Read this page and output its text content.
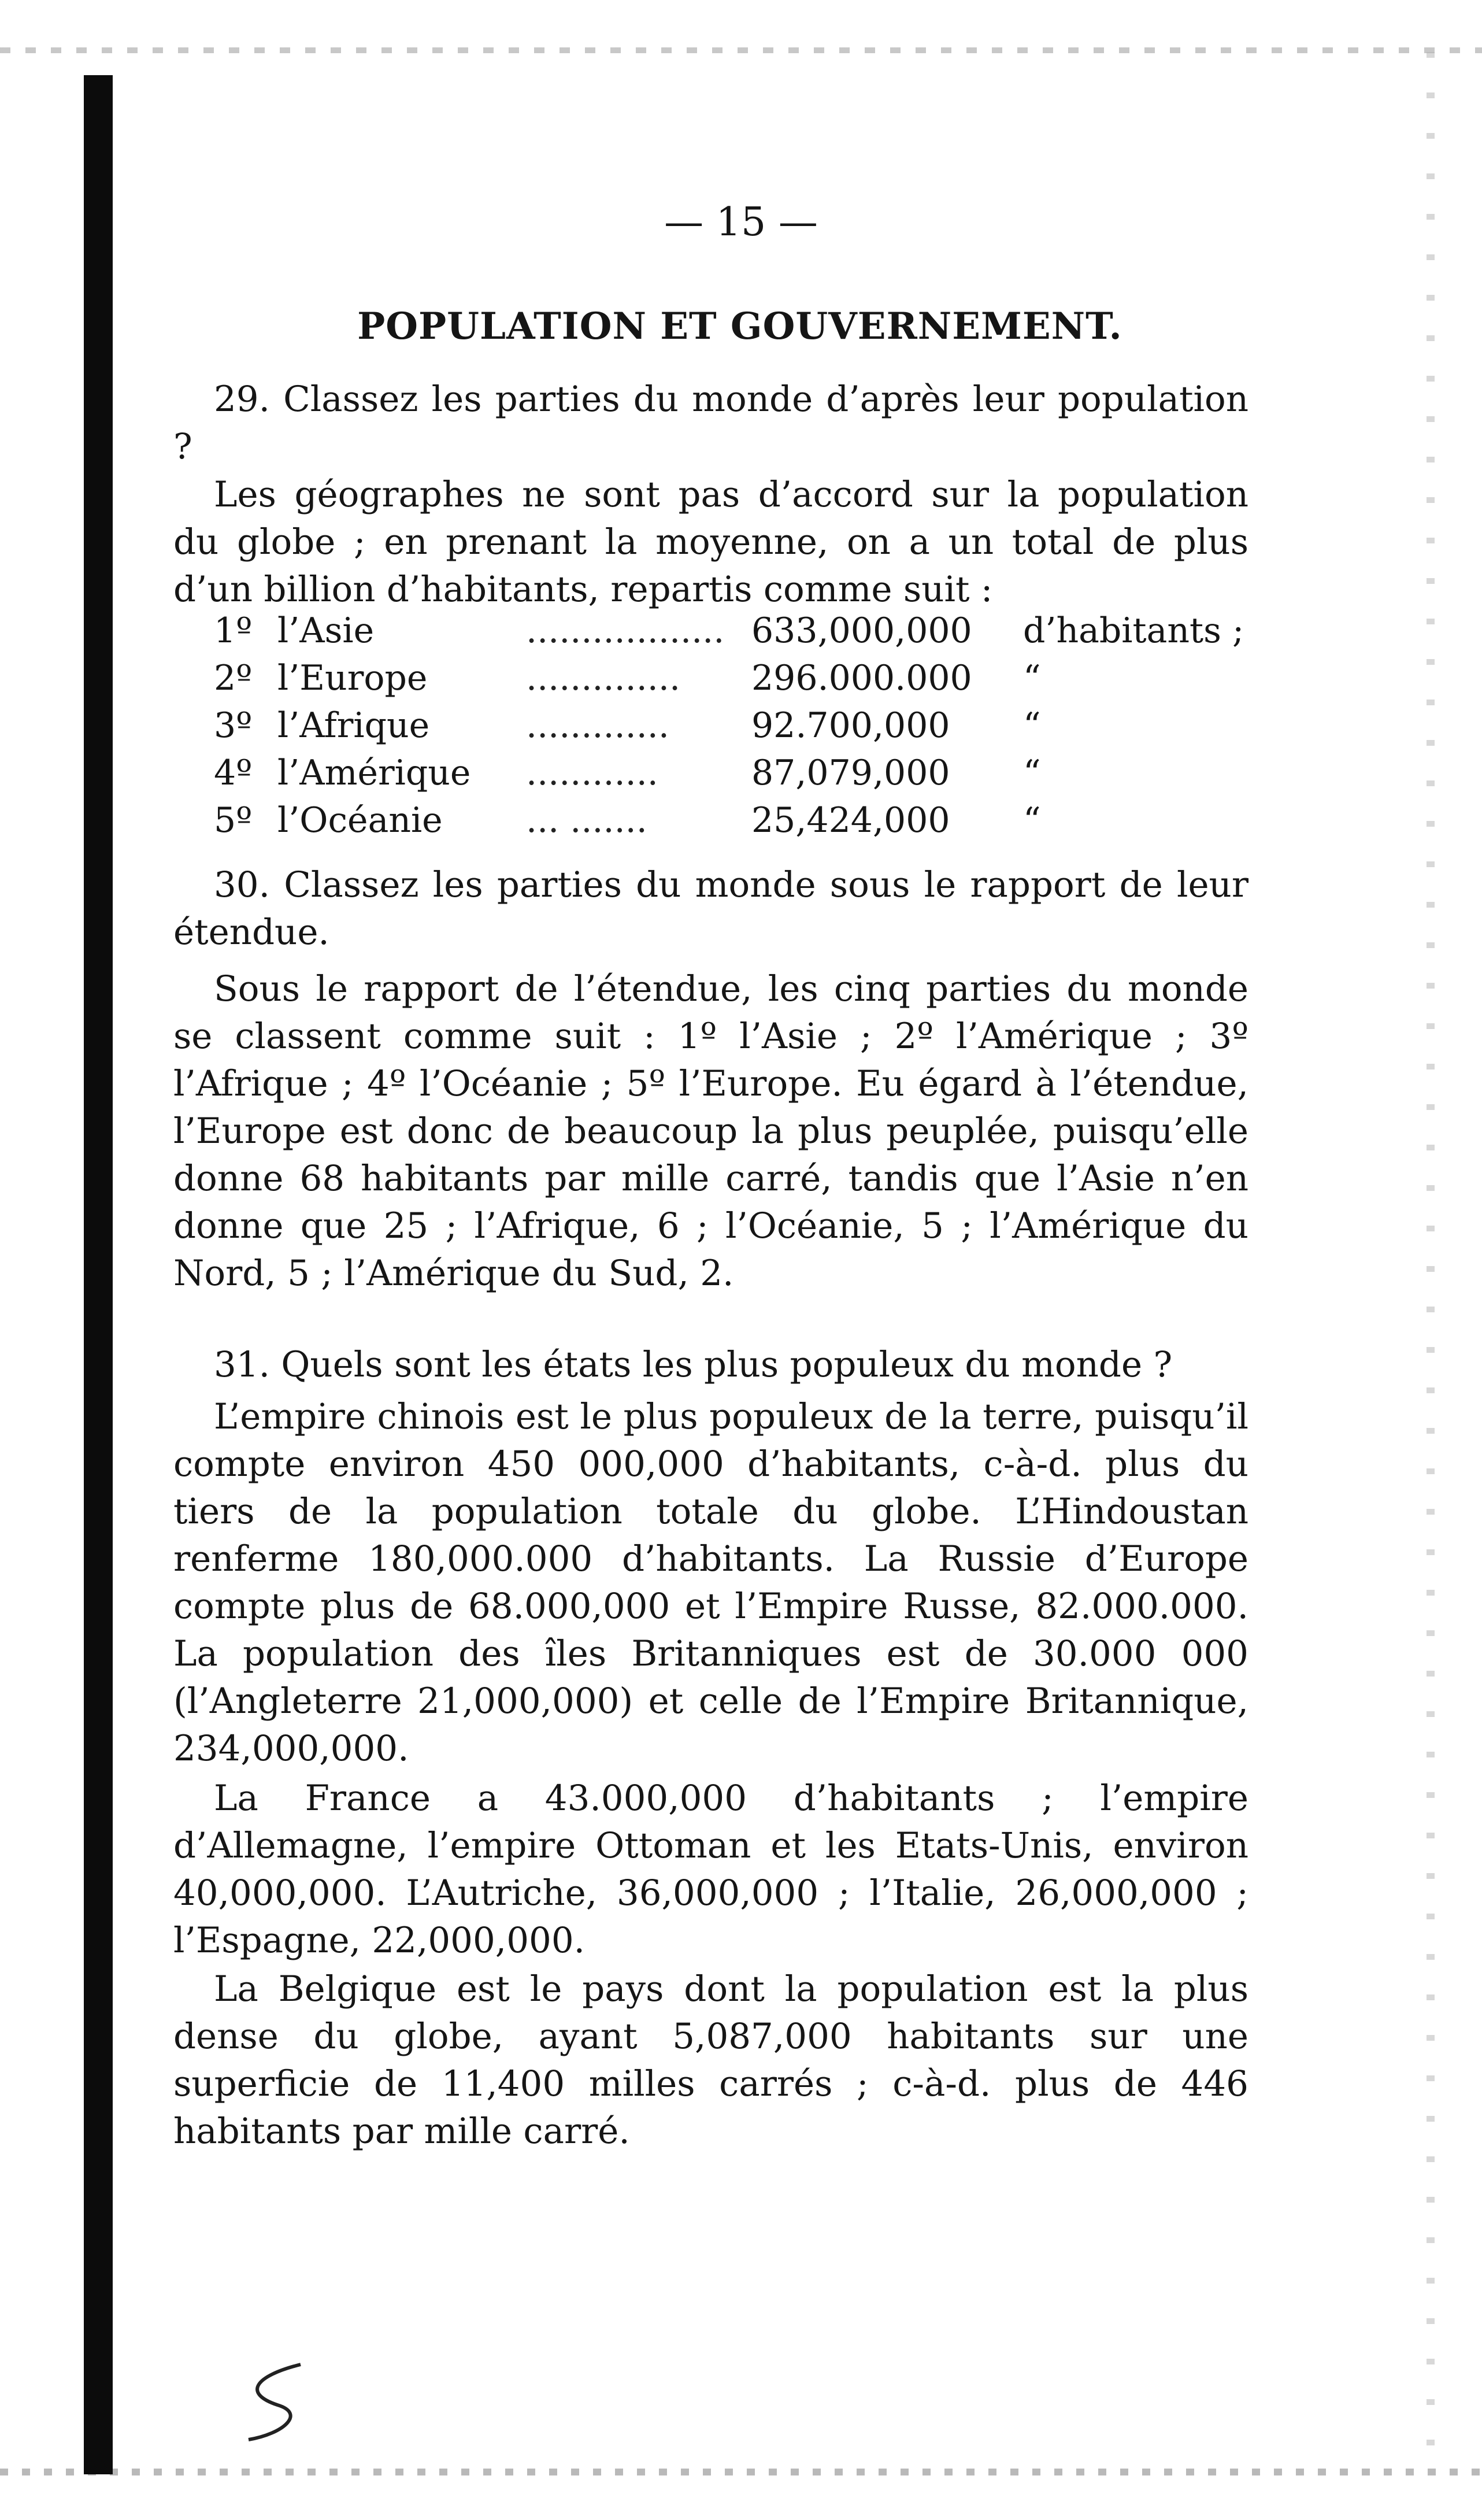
— 15 —
POPULATION ET GOUVERNEMENT.
29. Classez les parties du monde d’après leur population ?
Les géographes ne sont pas d’accord sur la population du globe ; en prenant la moyenne, on a un total de plus d’un billion d’habitants, repartis comme suit :
1º l’Asie	.................. 633,000,000 d’habitants ;
2º l’Europe	.............. 296.000.000 “
3º l’Afrique	............. 92.700,000 “
4º l’Amérique ............	87,079,000 “
5º l’Océanie ... .......	25,424,000 “
30. Classez les parties du monde sous le rapport de leur étendue.
Sous le rapport de l’étendue, les cinq parties du monde se classent comme suit : 1º l’Asie ; 2º l’Amérique ; 3º l’Afrique ; 4º l’Océanie ; 5º l’Europe. Eu égard à l’étendue, l’Europe est donc de beaucoup la plus peuplée, puisqu’elle donne 68 habitants par mille carré, tandis que l’Asie n’en donne que 25 ; l’Afrique, 6 ; l’Océanie, 5 ; l’Amérique du Nord, 5 ; l’Amérique du Sud, 2.
31. Quels sont les états les plus populeux du monde ?
L’empire chinois est le plus populeux de la terre, puisqu’il compte environ 450 000,000 d’habitants, c-à-d. plus du tiers de la population totale du globe. L’Hindoustan renferme 180,000.000 d’habitants. La Russie d’Europe compte plus de 68.000,000 et l’Empire Russe, 82.000.000. La population des îles Britanniques est de 30.000 000 (l’Angleterre 21,000,000) et celle de l’Empire Britannique, 234,000,000.
La France a 43.000,000 d’habitants ; l’empire d’Allemagne, l’empire Ottoman et les Etats-Unis, environ 40,000,000. L’Autriche, 36,000,000 ; l’Italie, 26,000,000 ; l’Espagne, 22,000,000.
La Belgique est le pays dont la population est la plus dense du globe, ayant 5,087,000 habitants sur une superficie de 11,400 milles carrés ; c-à-d. plus de 446 habitants par mille carré.
